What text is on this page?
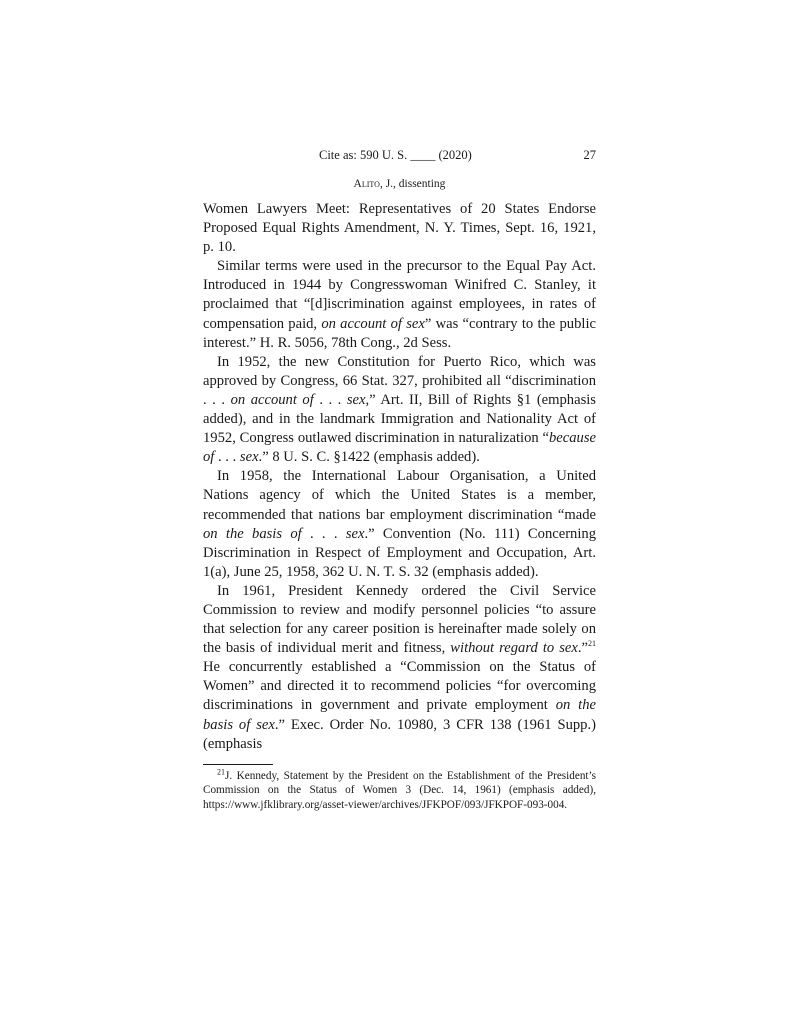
Cite as: 590 U. S. ____ (2020)	27
Alito, J., dissenting

Women Lawyers Meet: Representatives of 20 States Endorse Proposed Equal Rights Amendment, N. Y. Times, Sept. 16, 1921, p. 10.

Similar terms were used in the precursor to the Equal Pay Act. Introduced in 1944 by Congresswoman Winifred C. Stanley, it proclaimed that “[d]iscrimination against employees, in rates of compensation paid, on account of sex” was “contrary to the public interest.” H. R. 5056, 78th Cong., 2d Sess.

In 1952, the new Constitution for Puerto Rico, which was approved by Congress, 66 Stat. 327, prohibited all “discrimination . . . on account of . . . sex,” Art. II, Bill of Rights §1 (emphasis added), and in the landmark Immigration and Nationality Act of 1952, Congress outlawed discrimination in naturalization “because of . . . sex.” 8 U. S. C. §1422 (emphasis added).

In 1958, the International Labour Organisation, a United Nations agency of which the United States is a member, recommended that nations bar employment discrimination “made on the basis of . . . sex.” Convention (No. 111) Concerning Discrimination in Respect of Employment and Occupation, Art. 1(a), June 25, 1958, 362 U. N. T. S. 32 (emphasis added).

In 1961, President Kennedy ordered the Civil Service Commission to review and modify personnel policies “to assure that selection for any career position is hereinafter made solely on the basis of individual merit and fitness, without regard to sex.”$^{21}$ He concurrently established a “Commission on the Status of Women” and directed it to recommend policies “for overcoming discriminations in government and private employment on the basis of sex.” Exec. Order No. 10980, 3 CFR 138 (1961 Supp.) (emphasis

$^{21}$J. Kennedy, Statement by the President on the Establishment of the President’s Commission on the Status of Women 3 (Dec. 14, 1961) (emphasis added), https://www.jfklibrary.org/asset-viewer/archives/JFKPOF/093/JFKPOF-093-004.
